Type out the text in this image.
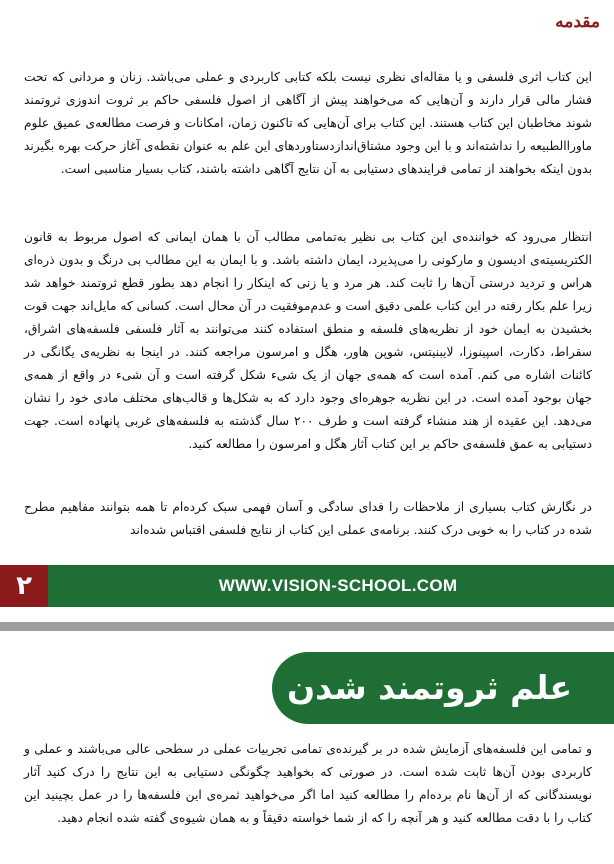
مقدمه

این کتاب اثری فلسفی و یا مقاله‌ای نظری نیست بلکه کتابی کاربردی و عملی می‌باشد. زنان و مردانی که تحت فشار مالی قرار دارند و آن‌هایی که می‌خواهند پیش از آگاهی از اصول فلسفی حاکم بر ثروت اندوزی ثروتمند شوند مخاطبان این کتاب هستند. این کتاب برای آن‌هایی که تاکنون زمان، امکانات و فرصت مطالعه‌ی عمیق علوم ماوراالطبیعه را نداشته‌اند و با این وجود مشتاق‌اندازدستاوردهای این علم به عنوان نقطه‌ی آغاز حرکت بهره بگیرند بدون اینکه بخواهند از تمامی فرایندهای دستیابی به آن نتایج آگاهی داشته باشند، کتاب بسیار مناسبی است.

انتظار می‌رود که خواننده‌ی این کتاب بی نظیر به‌تمامی مطالب آن با همان ایمانی که اصول مربوط به قانون الکتریسیته‌ی ادیسون و مارکونی را می‌پذیرد، ایمان داشته باشد. و با ایمان به این مطالب بی درنگ و بدون ذره‌ای هراس و تردید درستی آن‌ها را ثابت کند. هر مرد و یا زنی که اینکار را انجام دهد بطور قطع ثروتمند خواهد شد زیرا علم بکار رفته در این کتاب علمی دقیق است و عدم‌موفقیت در آن محال است. کسانی که مایل‌اند جهت قوت بخشیدن به ایمان خود از نظریه‌های فلسفه و منطق استفاده کنند می‌توانند به آثار فلسفی فلسفه‌های اشراق، سقراط، دکارت، اسپینوزا، لایبنیتس، شوپن هاور، هگل و امرسون مراجعه کنند. در اینجا به نظریه‌ی یگانگی در کائنات اشاره می کنم. آمده است که همه‌ی جهان از یک شیء شکل گرفته است و آن شیء در واقع از همه‌ی جهان بوجود آمده است. در این نظریه جوهره‌ای وجود دارد که به شکل‌ها و قالب‌های مختلف مادی خود را نشان می‌دهد. این عقیده از هند منشاء گرفته است و طرف ۲۰۰ سال گذشته به فلسفه‌های غربی پانهاده است. جهت دستیابی به عمق فلسفه‌ی حاکم بر این کتاب آثار هگل و امرسون را مطالعه کنید.

در نگارش کتاب بسیاری از ملاحظات را فدای سادگی و آسان فهمی سبک کرده‌ام تا همه بتوانند مفاهیم مطرح شده در کتاب را به خوبی درک کنند. برنامه‌ی عملی این کتاب از نتایج فلسفی اقتباس شده‌اند

۲	WWW.VISION-SCHOOL.COM
علم ثروتمند شدن

و تمامی این فلسفه‌های آزمایش شده در بر گیرنده‌ی تمامی تجربیات عملی در سطحی عالی می‌باشند و عملی و کاربردی بودن آن‌ها ثابت شده است. در صورتی که بخواهید چگونگی دستیابی به این نتایج را درک کنید آثار نویسندگانی که از آن‌ها نام برده‌ام را مطالعه کنید اما اگر می‌خواهید ثمره‌ی این فلسفه‌ها را در عمل بچینید این کتاب را با دقت مطالعه کنید و هر آنچه را که از شما خواسته دقیقاً و به همان شیوه‌ی گفته شده انجام دهید.
